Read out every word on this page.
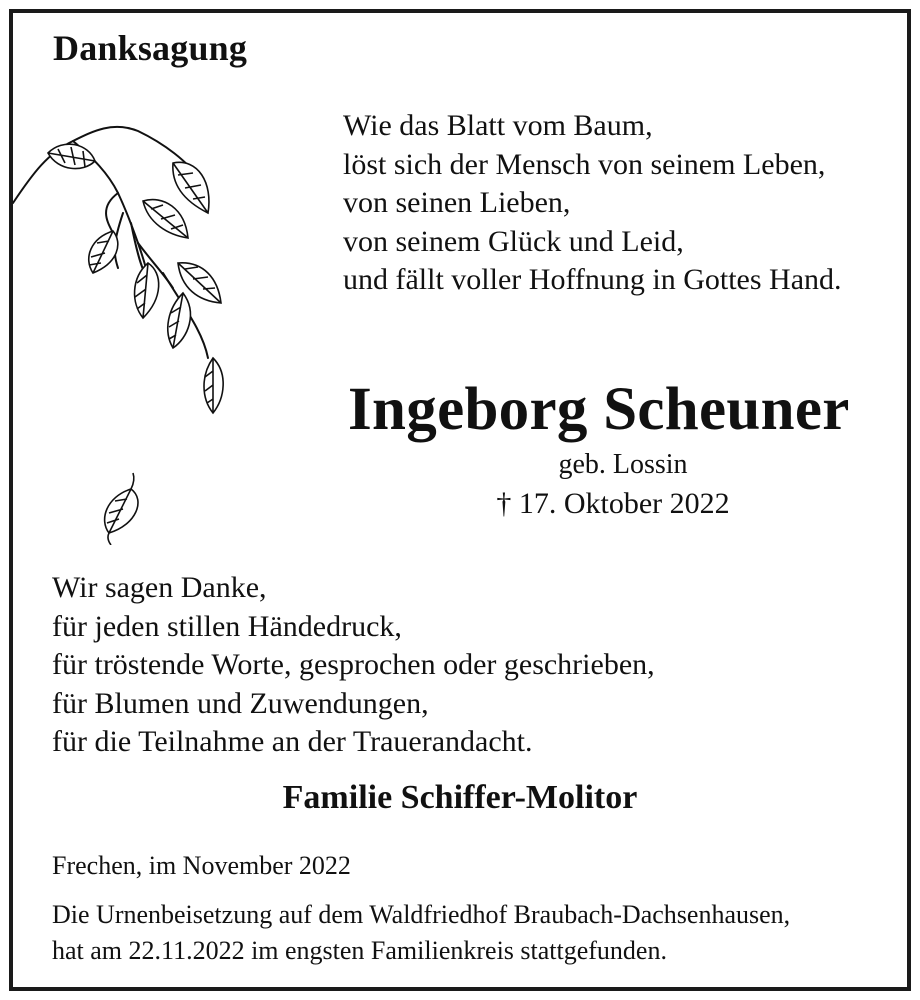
Danksagung
Wie das Blatt vom Baum,
löst sich der Mensch von seinem Leben,
von seinen Lieben,
von seinem Glück und Leid,
und fällt voller Hoffnung in Gottes Hand.
Ingeborg Scheuner

geb. Lossin

† 17. Oktober 2022

Wir sagen Danke,
für jeden stillen Händedruck,
für tröstende Worte, gesprochen oder geschrieben,
für Blumen und Zuwendungen,
für die Teilnahme an der Trauerandacht.

Familie Schiffer-Molitor

Frechen, im November 2022

Die Urnenbeisetzung auf dem Waldfriedhof Braubach-Dachsenhausen,
hat am 22.11.2022 im engsten Familienkreis stattgefunden.
